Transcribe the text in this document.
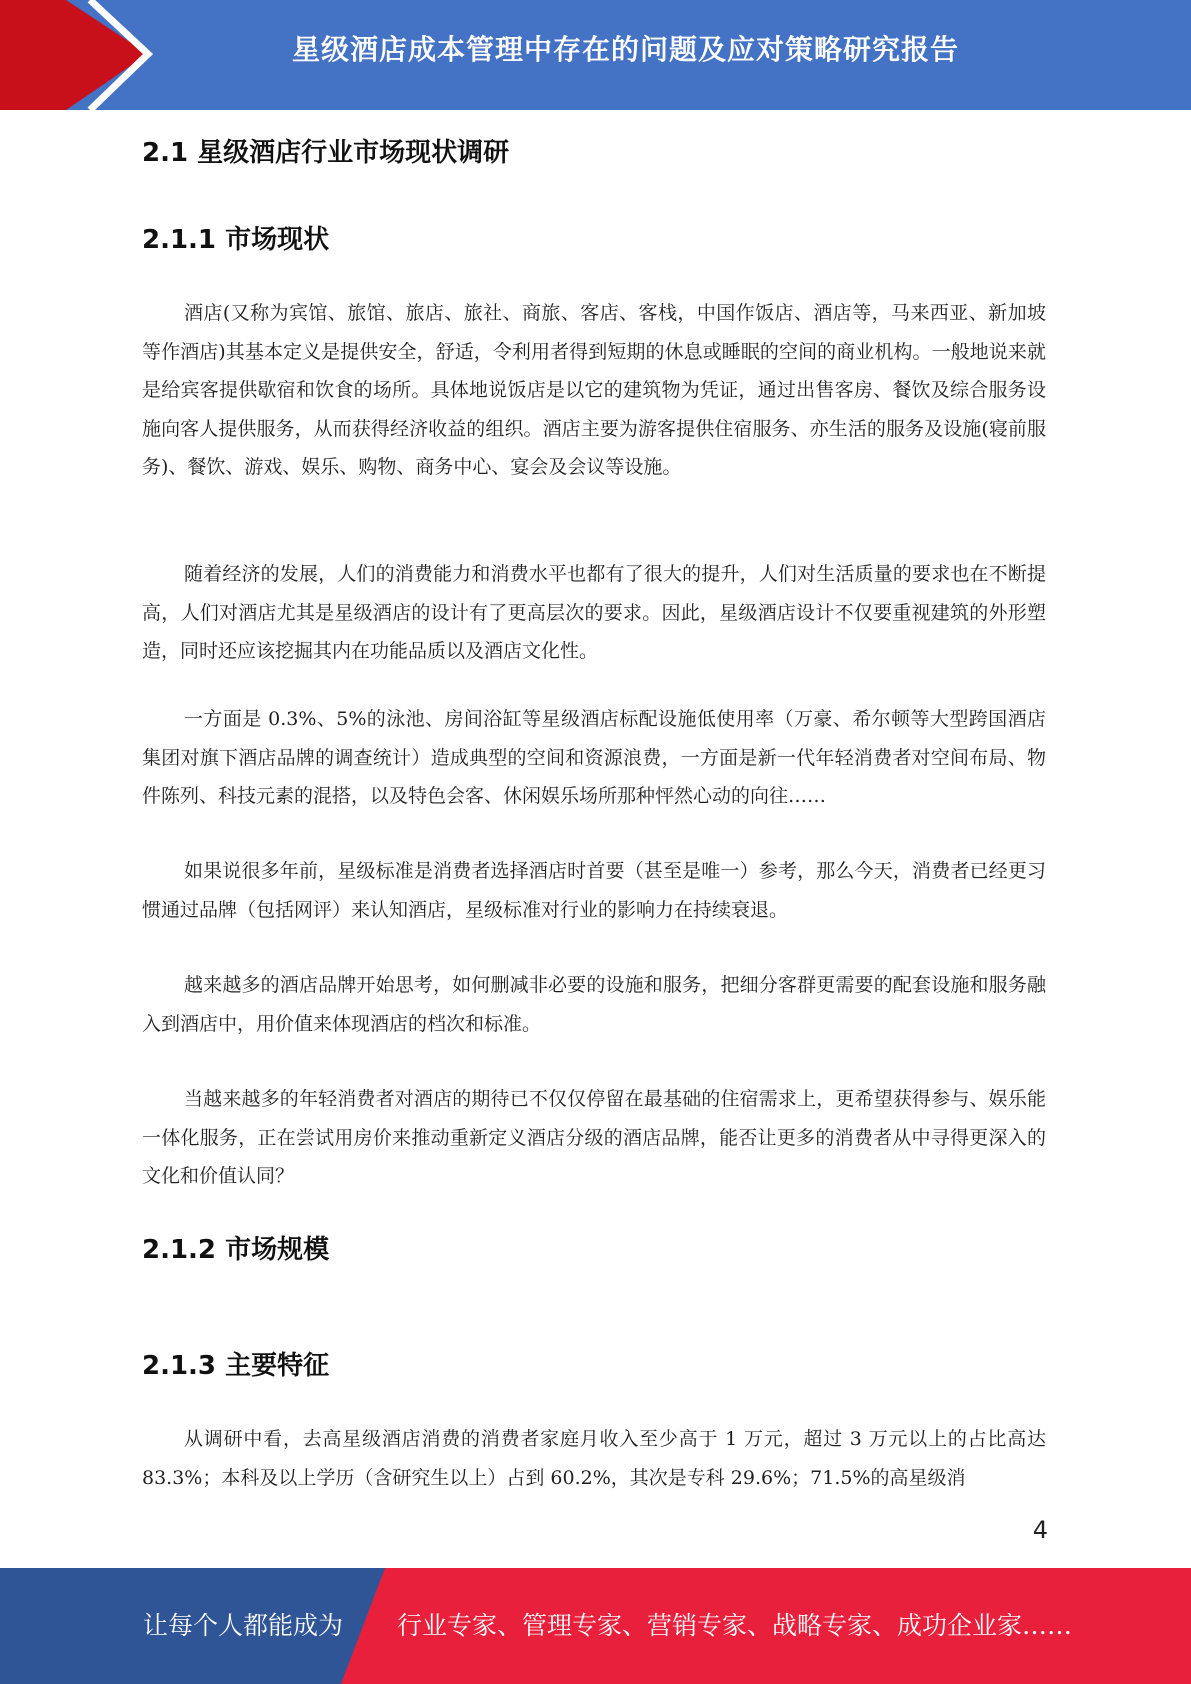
星级酒店成本管理中存在的问题及应对策略研究报告
2.1 星级酒店行业市场现状调研
2.1.1 市场现状

酒店(又称为宾馆、旅馆、旅店、旅社、商旅、客店、客栈，中国作饭店、酒店等，马来西亚、新加坡等作酒店)其基本定义是提供安全，舒适，令利用者得到短期的休息或睡眠的空间的商业机构。一般地说来就是给宾客提供歇宿和饮食的场所。具体地说饭店是以它的建筑物为凭证，通过出售客房、餐饮及综合服务设施向客人提供服务，从而获得经济收益的组织。酒店主要为游客提供住宿服务、亦生活的服务及设施(寝前服务)、餐饮、游戏、娱乐、购物、商务中心、宴会及会议等设施。

随着经济的发展，人们的消费能力和消费水平也都有了很大的提升，人们对生活质量的要求也在不断提高，人们对酒店尤其是星级酒店的设计有了更高层次的要求。因此，星级酒店设计不仅要重视建筑的外形塑造，同时还应该挖掘其内在功能品质以及酒店文化性。

一方面是 0.3%、5%的泳池、房间浴缸等星级酒店标配设施低使用率（万豪、希尔顿等大型跨国酒店集团对旗下酒店品牌的调查统计）造成典型的空间和资源浪费，一方面是新一代年轻消费者对空间布局、物件陈列、科技元素的混搭，以及特色会客、休闲娱乐场所那种怦然心动的向往……

如果说很多年前，星级标准是消费者选择酒店时首要（甚至是唯一）参考，那么今天，消费者已经更习惯通过品牌（包括网评）来认知酒店，星级标准对行业的影响力在持续衰退。

越来越多的酒店品牌开始思考，如何删减非必要的设施和服务，把细分客群更需要的配套设施和服务融入到酒店中，用价值来体现酒店的档次和标准。

当越来越多的年轻消费者对酒店的期待已不仅仅停留在最基础的住宿需求上，更希望获得参与、娱乐能一体化服务，正在尝试用房价来推动重新定义酒店分级的酒店品牌，能否让更多的消费者从中寻得更深入的文化和价值认同？

2.1.2 市场规模
2.1.3 主要特征

从调研中看，去高星级酒店消费的消费者家庭月收入至少高于 1 万元，超过 3 万元以上的占比高达 83.3%；本科及以上学历（含研究生以上）占到 60.2%，其次是专科 29.6%；71.5%的高星级消

4
让每个人都能成为 行业专家、管理专家、营销专家、战略专家、成功企业家……
